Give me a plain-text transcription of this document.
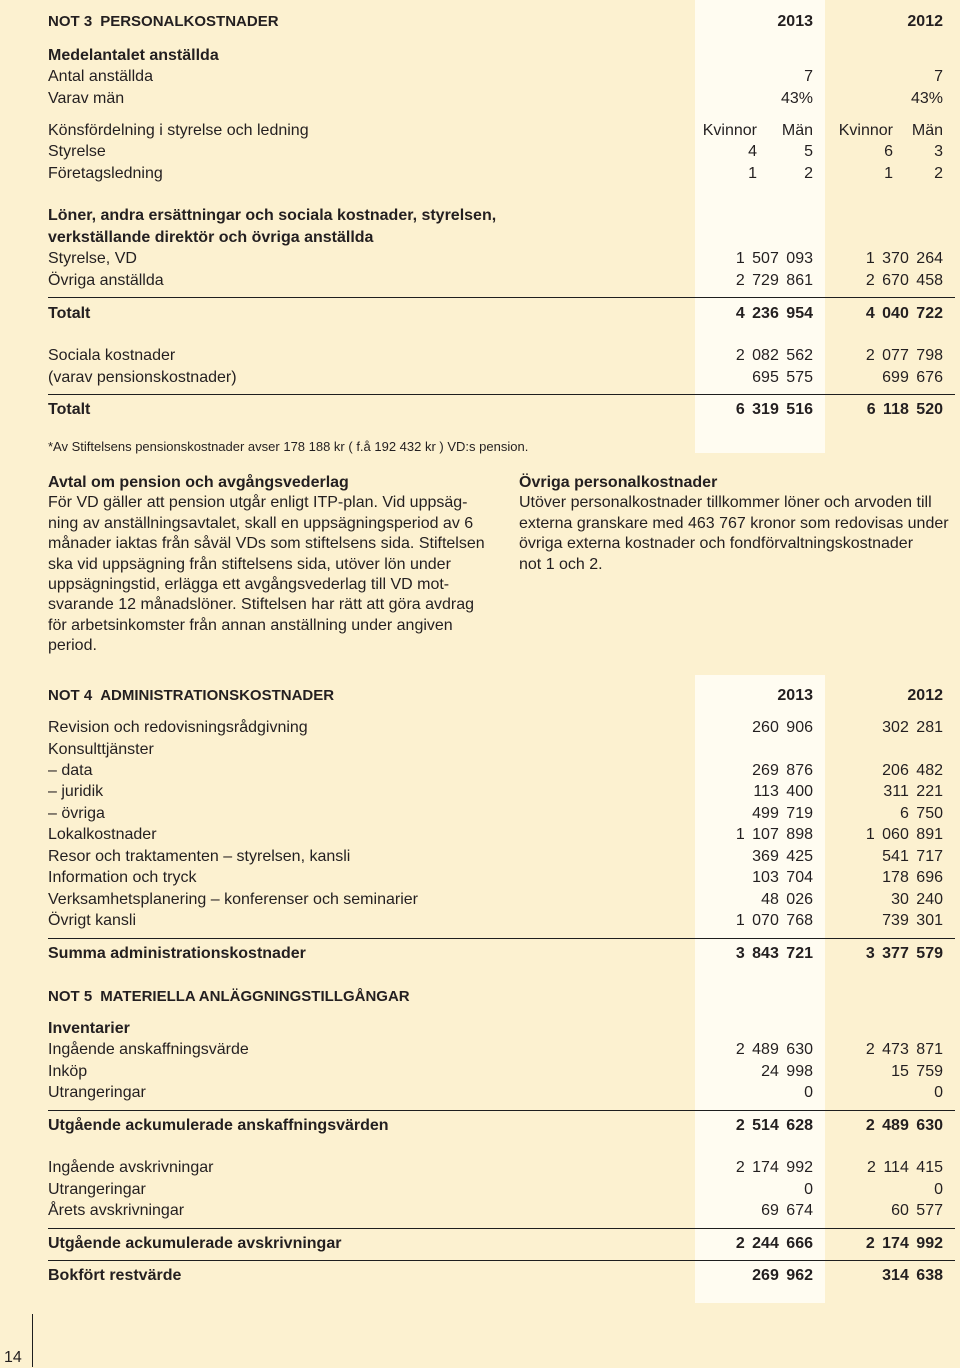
NOT 3 PERSONALKOSTNADER	2013	2012
Medelantalet anställda
Antal anställda	7	7
Varav män	43%	43%
Könsfördelning i styrelse och ledning	Kvinnor Män Kvinnor Män
Styrelse	4	5	6	3
Företagsledning	1	2	1	2
Löner, andra ersättningar och sociala kostnader, styrelsen,
verkställande direktör och övriga anställda
Styrelse, VD	1 507 093	1 370 264
Övriga anställda	2 729 861	2 670 458
Totalt	4 236 954	4 040 722
Sociala kostnader	2 082 562	2 077 798
(varav pensionskostnader)	695 575	699 676
Totalt	6 319 516	6 118 520
*Av Stiftelsens pensionskostnader avser 178 188 kr ( f.å 192 432 kr ) VD:s pension.
Avtal om pension och avgångsvederlag
För VD gäller att pension utgår enligt ITP-plan. Vid uppsäg-
ning av anställningsavtalet, skall en uppsägningsperiod av 6
månader iaktas från såväl VDs som stiftelsens sida. Stiftelsen
ska vid uppsägning från stiftelsens sida, utöver lön under
uppsägningstid, erlägga ett avgångsvederlag till VD mot-
svarande 12 månadslöner. Stiftelsen har rätt att göra avdrag
för arbetsinkomster från annan anställning under angiven
period.
Övriga personalkostnader
Utöver personalkostnader tillkommer löner och arvoden till
externa granskare med 463 767 kronor som redovisas under
övriga externa kostnader och fondförvaltningskostnader
not 1 och 2.
NOT 4 ADMINISTRATIONSKOSTNADER	2013	2012
Revision och redovisningsrådgivning	260 906	302 281
Konsulttjänster
– data	269 876	206 482
– juridik	113 400	311 221
– övriga	499 719	6 750
Lokalkostnader	1 107 898	1 060 891
Resor och traktamenten – styrelsen, kansli	369 425	541 717
Information och tryck	103 704	178 696
Verksamhetsplanering – konferenser och seminarier	48 026	30 240
Övrigt kansli	1 070 768	739 301
Summa administrationskostnader	3 843 721	3 377 579
NOT 5 MATERIELLA ANLÄGGNINGSTILLGÅNGAR
Inventarier
Ingående anskaffningsvärde	2 489 630	2 473 871
Inköp	24 998	15 759
Utrangeringar	0	0
Utgående ackumulerade anskaffningsvärden	2 514 628	2 489 630
Ingående avskrivningar	2 174 992	2 114 415
Utrangeringar	0	0
Årets avskrivningar	69 674	60 577
Utgående ackumulerade avskrivningar	2 244 666	2 174 992
Bokfört restvärde	269 962	314 638
14
